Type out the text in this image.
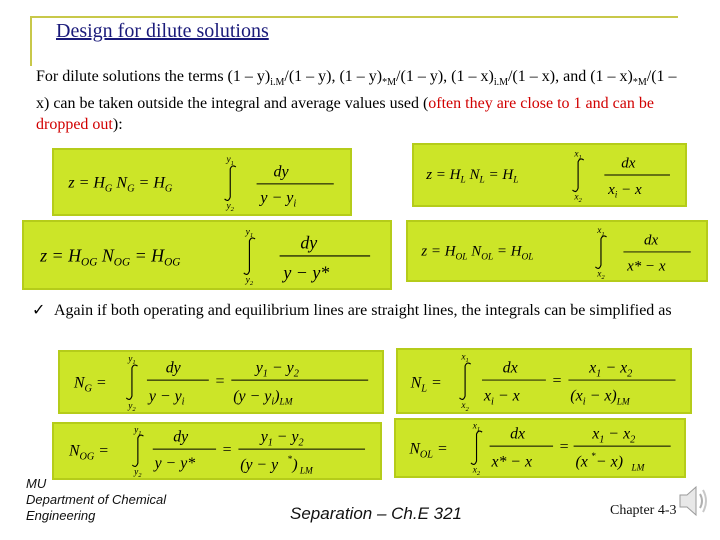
Design for dilute solutions
For dilute solutions the terms $(1 - y)_{i.M}/(1 - y)$, $(1 - y)_{*M}/(1 - y)$, $(1 - x)_{i.M}/(1 - x)$, and $(1 - x)_{*M}/(1 - x)$ can be taken outside the integral and average values used (often they are close to 1 and can be dropped out):
$z = H_G$ $N_G = H_G$
$y_1$
$y_2$
dy
$y - y_i$
$z = H_L$ $N_L = H_L$
$x_1$
$x_2$
dx
$x_i - x$
$z = H_{OG}$ $N_{OG} = H_{OG}$
$y_1$
$y_2$
dy
y − y*
$z = H_{OL}$ $N_{OL} = H_{OL}$
$x_1$
$x_2$
dx
x* − x
✓ Again if both operating and equilibrium lines are straight lines, the integrals can be simplified as
$N_G$ =
$y_1$
$y_2$
dy
$y - y_i$
=
$y_1 - y_2$
$(y - y_i)_{LM}$
$N_L$ =
$x_1$
$x_2$
dx
$x_i - x$
=
$x_1 - x_2$
$(x_i - x)_{LM}$
$N_{OG}$ =
$y_1$
$y_2$
dy
y − y*
=
$y_1 - y_2$
(y − y * ) LM
$N_{OL}$ =
$x_1$
$x_2$
dx
x* − x
=
$x_1 - x_2$
(x * − x) LM
MU
Department of Chemical
Engineering	Separation – Ch.E 321	Chapter 4-3
